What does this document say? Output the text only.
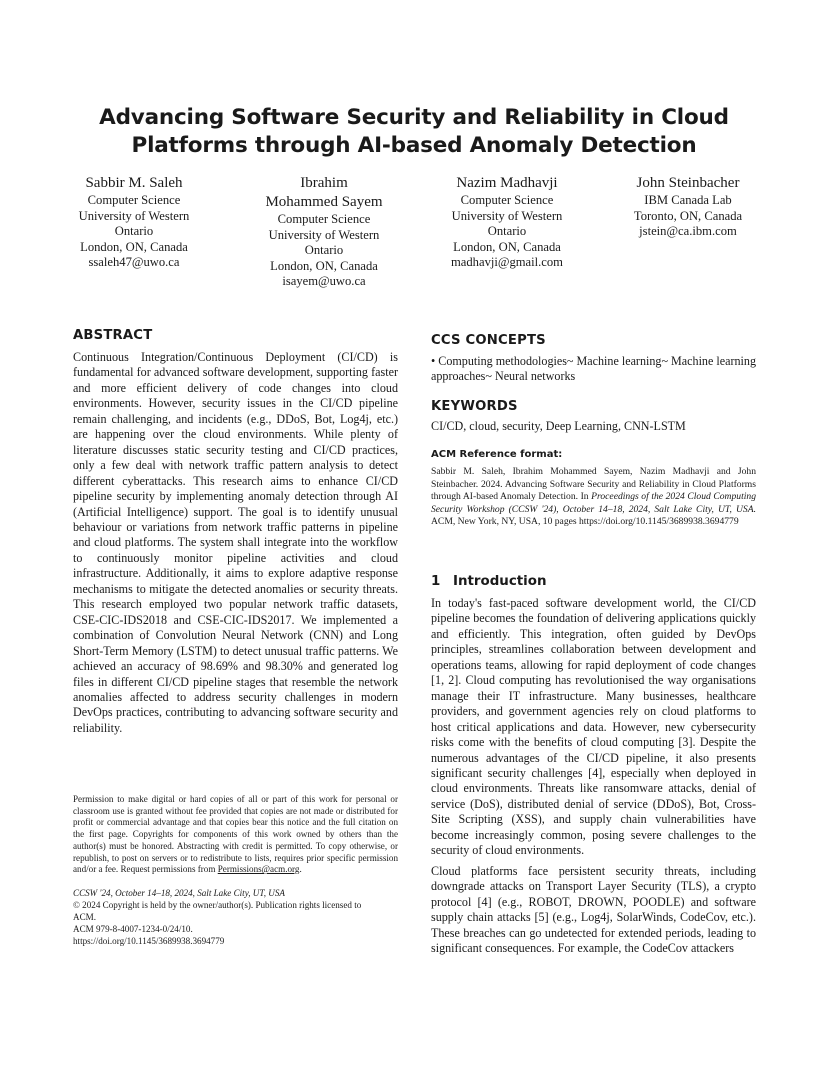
Advancing Software Security and Reliability in Cloud
Platforms through AI-based Anomaly Detection
Sabbir M. Saleh
Computer Science
University of Western
Ontario
London, ON, Canada
ssaleh47@uwo.ca
Ibrahim
Mohammed Sayem
Computer Science
University of Western
Ontario
London, ON, Canada
isayem@uwo.ca
Nazim Madhavji
Computer Science
University of Western
Ontario
London, ON, Canada
madhavji@gmail.com
John Steinbacher
IBM Canada Lab
Toronto, ON, Canada
jstein@ca.ibm.com
ABSTRACT
Continuous Integration/Continuous Deployment (CI/CD) is fundamental for advanced software development, supporting faster and more efficient delivery of code changes into cloud environments. However, security issues in the CI/CD pipeline remain challenging, and incidents (e.g., DDoS, Bot, Log4j, etc.) are happening over the cloud environments. While plenty of literature discusses static security testing and CI/CD practices, only a few deal with network traffic pattern analysis to detect different cyberattacks. This research aims to enhance CI/CD pipeline security by implementing anomaly detection through AI (Artificial Intelligence) support. The goal is to identify unusual behaviour or variations from network traffic patterns in pipeline and cloud platforms. The system shall integrate into the workflow to continuously monitor pipeline activities and cloud infrastructure. Additionally, it aims to explore adaptive response mechanisms to mitigate the detected anomalies or security threats. This research employed two popular network traffic datasets, CSE-CIC-IDS2018 and CSE-CIC-IDS2017. We implemented a combination of Convolution Neural Network (CNN) and Long Short-Term Memory (LSTM) to detect unusual traffic patterns. We achieved an accuracy of 98.69% and 98.30% and generated log files in different CI/CD pipeline stages that resemble the network anomalies affected to address security challenges in modern DevOps practices, contributing to advancing software security and reliability.
Permission to make digital or hard copies of all or part of this work for personal or classroom use is granted without fee provided that copies are not made or distributed for profit or commercial advantage and that copies bear this notice and the full citation on the first page. Copyrights for components of this work owned by others than the author(s) must be honored. Abstracting with credit is permitted. To copy otherwise, or republish, to post on servers or to redistribute to lists, requires prior specific permission and/or a fee. Request permissions from Permissions@acm.org.
CCSW '24, October 14–18, 2024, Salt Lake City, UT, USA
© 2024 Copyright is held by the owner/author(s). Publication rights licensed to ACM.
ACM 979-8-4007-1234-0/24/10.
https://doi.org/10.1145/3689938.3694779
CCS CONCEPTS
• Computing methodologies~ Machine learning~ Machine learning approaches~ Neural networks
KEYWORDS
CI/CD, cloud, security, Deep Learning, CNN-LSTM
ACM Reference format:
Sabbir M. Saleh, Ibrahim Mohammed Sayem, Nazim Madhavji and John Steinbacher. 2024. Advancing Software Security and Reliability in Cloud Platforms through AI-based Anomaly Detection. In Proceedings of the 2024 Cloud Computing Security Workshop (CCSW '24), October 14–18, 2024, Salt Lake City, UT, USA. ACM, New York, NY, USA, 10 pages https://doi.org/10.1145/3689938.3694779
1 Introduction
In today's fast-paced software development world, the CI/CD pipeline becomes the foundation of delivering applications quickly and efficiently. This integration, often guided by DevOps principles, streamlines collaboration between development and operations teams, allowing for rapid deployment of code changes [1, 2]. Cloud computing has revolutionised the way organisations manage their IT infrastructure. Many businesses, healthcare providers, and government agencies rely on cloud platforms to host critical applications and data. However, new cybersecurity risks come with the benefits of cloud computing [3]. Despite the numerous advantages of the CI/CD pipeline, it also presents significant security challenges [4], especially when deployed in cloud environments. Threats like ransomware attacks, denial of service (DoS), distributed denial of service (DDoS), Bot, Cross-Site Scripting (XSS), and supply chain vulnerabilities have become increasingly common, posing severe challenges to the security of cloud environments.
Cloud platforms face persistent security threats, including downgrade attacks on Transport Layer Security (TLS), a crypto protocol [4] (e.g., ROBOT, DROWN, POODLE) and software supply chain attacks [5] (e.g., Log4j, SolarWinds, CodeCov, etc.). These breaches can go undetected for extended periods, leading to significant consequences. For example, the CodeCov attackers
